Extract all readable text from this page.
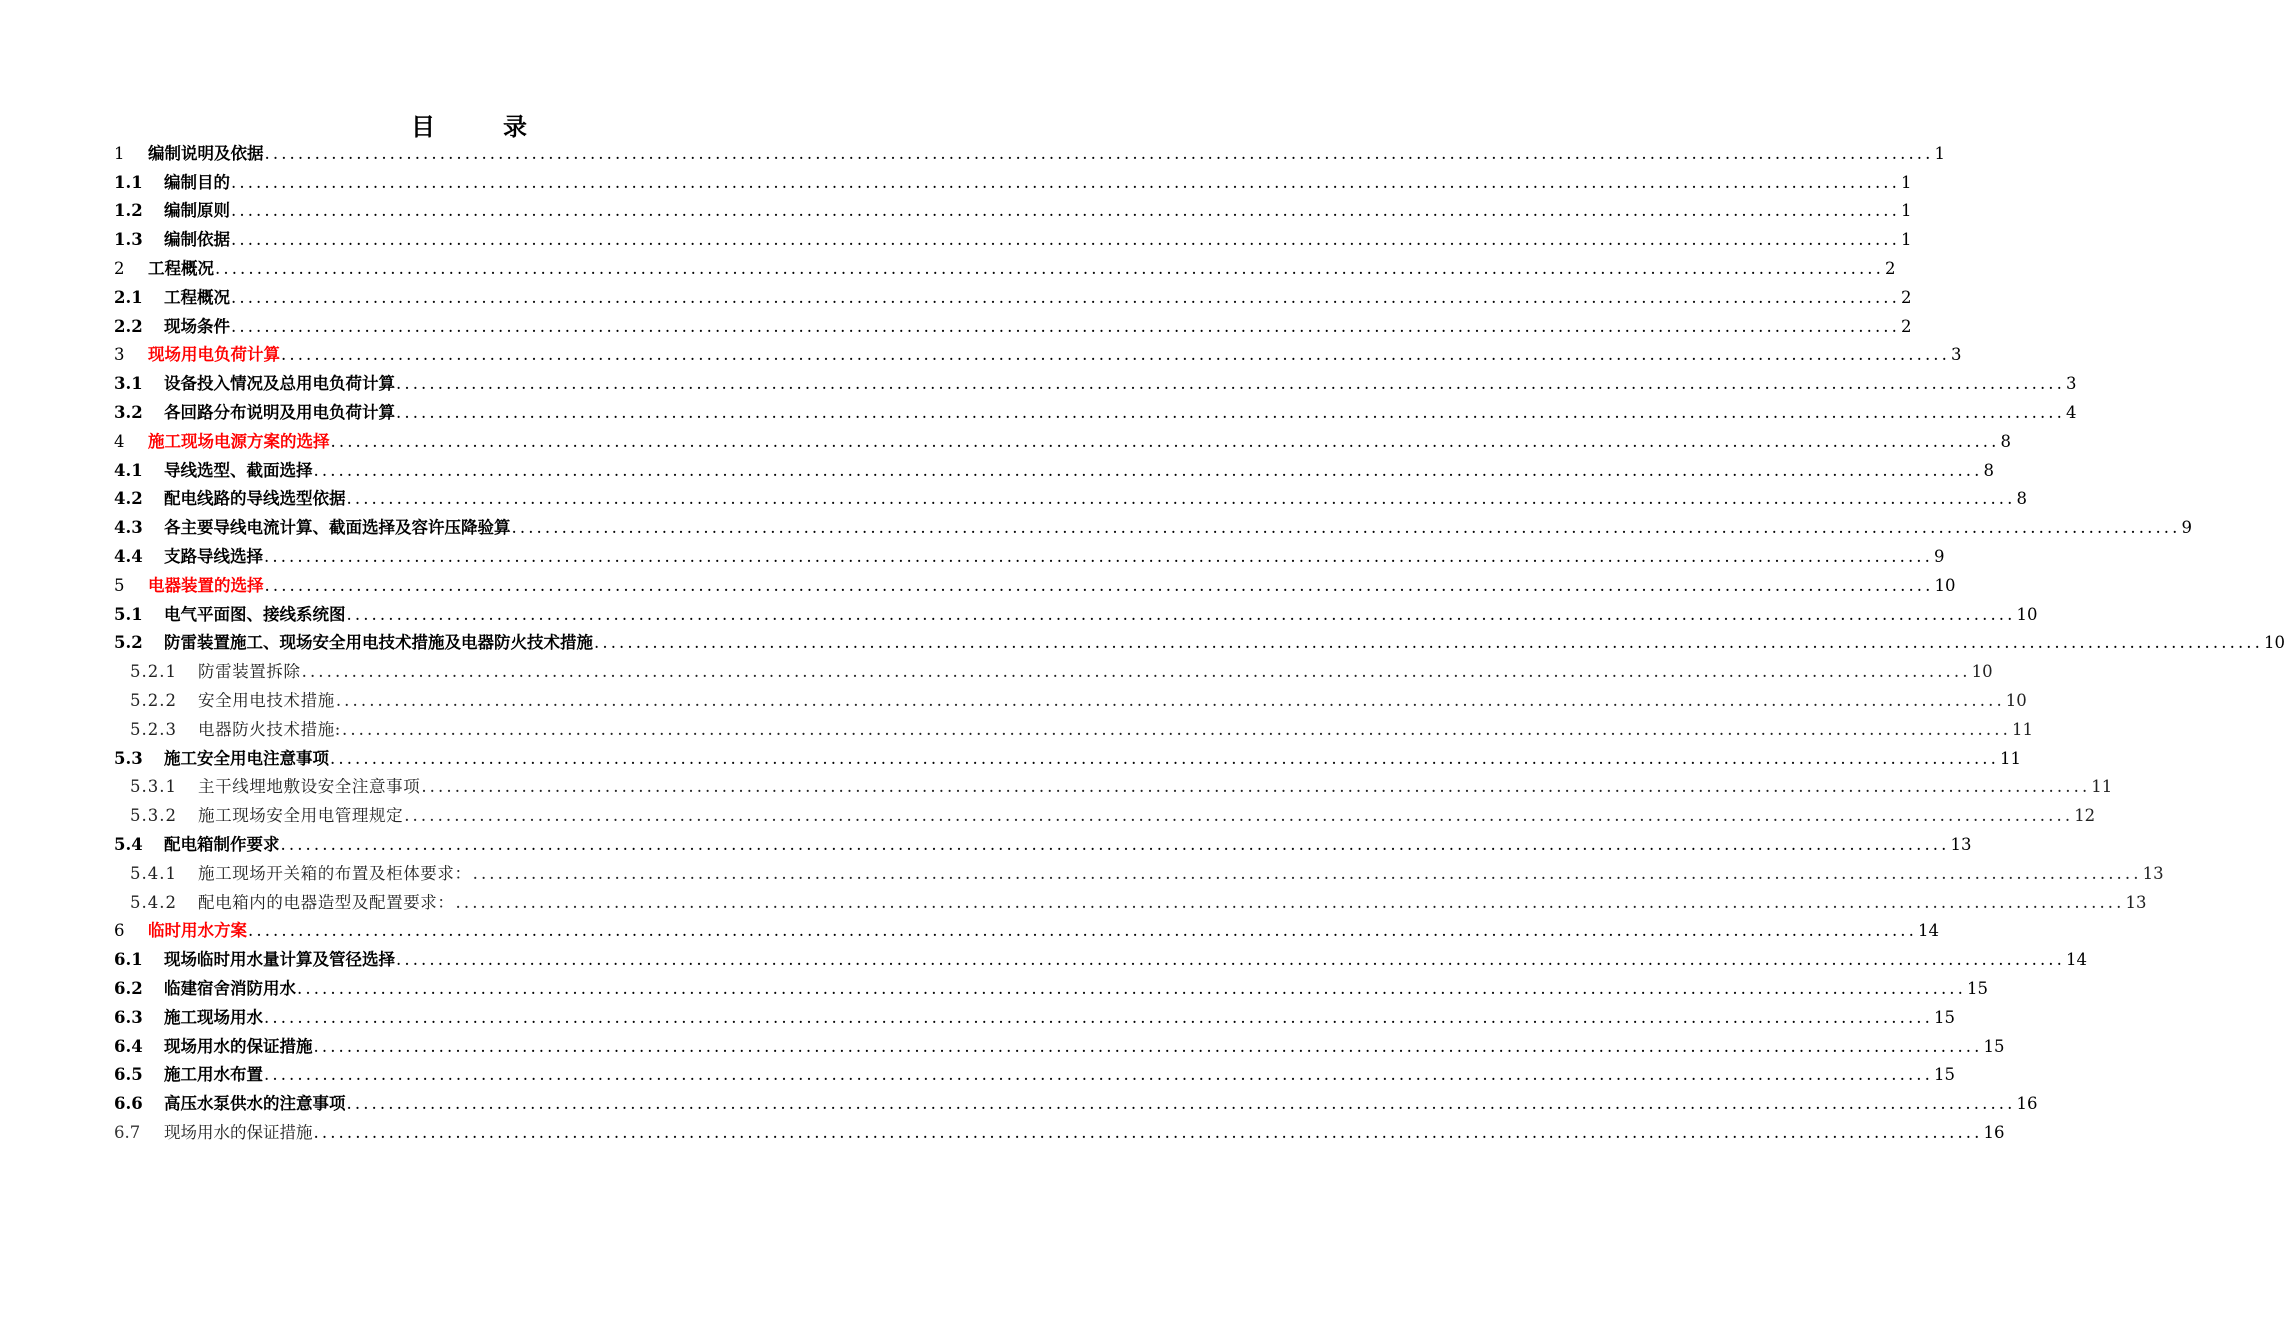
目　录
1	编制说明及依据 ........................................................................................................................................................................................................ 1
1.1	编制目的 ........................................................................................................................................................................................................ 1
1.2	编制原则 ........................................................................................................................................................................................................ 1
1.3	编制依据 ........................................................................................................................................................................................................ 1
2	工程概况 ........................................................................................................................................................................................................ 2
2.1	工程概况 ........................................................................................................................................................................................................ 2
2.2	现场条件 ........................................................................................................................................................................................................ 2
3	现场用电负荷计算 ........................................................................................................................................................................................................ 3
3.1	设备投入情况及总用电负荷计算 ........................................................................................................................................................................................................ 3
3.2	各回路分布说明及用电负荷计算 ........................................................................................................................................................................................................ 4
4	施工现场电源方案的选择 ........................................................................................................................................................................................................ 8
4.1	导线选型、截面选择 ........................................................................................................................................................................................................ 8
4.2	配电线路的导线选型依据 ........................................................................................................................................................................................................ 8
4.3	各主要导线电流计算、截面选择及容许压降验算 ........................................................................................................................................................................................................ 9
4.4	支路导线选择 ........................................................................................................................................................................................................ 9
5	电器装置的选择 ........................................................................................................................................................................................................ 10
5.1	电气平面图、接线系统图 ........................................................................................................................................................................................................ 10
5.2	防雷装置施工、现场安全用电技术措施及电器防火技术措施 ........................................................................................................................................................................................................ 10
5.2.1	防雷装置拆除 ........................................................................................................................................................................................................ 10
5.2.2	安全用电技术措施 ........................................................................................................................................................................................................ 10
5.2.3	电器防火技术措施: ........................................................................................................................................................................................................ 11
5.3	施工安全用电注意事项 ........................................................................................................................................................................................................ 11
5.3.1	主干线埋地敷设安全注意事项 ........................................................................................................................................................................................................ 11
5.3.2	施工现场安全用电管理规定 ........................................................................................................................................................................................................ 12
5.4	配电箱制作要求 ........................................................................................................................................................................................................ 13
5.4.1	施工现场开关箱的布置及柜体要求： ........................................................................................................................................................................................................ 13
5.4.2	配电箱内的电器造型及配置要求： ........................................................................................................................................................................................................ 13
6	临时用水方案 ........................................................................................................................................................................................................ 14
6.1	现场临时用水量计算及管径选择 ........................................................................................................................................................................................................ 14
6.2	临建宿舍消防用水 ........................................................................................................................................................................................................ 15
6.3	施工现场用水 ........................................................................................................................................................................................................ 15
6.4	现场用水的保证措施 ........................................................................................................................................................................................................ 15
6.5	施工用水布置 ........................................................................................................................................................................................................ 15
6.6	高压水泵供水的注意事项 ........................................................................................................................................................................................................ 16
6.7	现场用水的保证措施 ........................................................................................................................................................................................................ 16
